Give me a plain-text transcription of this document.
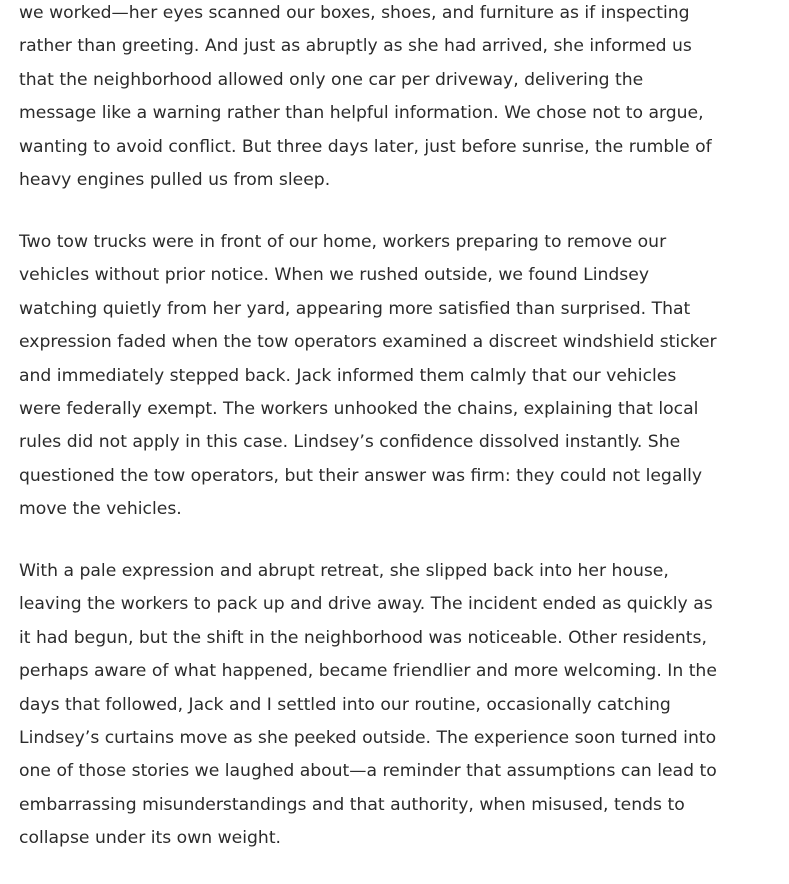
we worked—her eyes scanned our boxes, shoes, and furniture as if inspecting
rather than greeting. And just as abruptly as she had arrived, she informed us
that the neighborhood allowed only one car per driveway, delivering the
message like a warning rather than helpful information. We chose not to argue,
wanting to avoid conflict. But three days later, just before sunrise, the rumble of
heavy engines pulled us from sleep.

Two tow trucks were in front of our home, workers preparing to remove our
vehicles without prior notice. When we rushed outside, we found Lindsey
watching quietly from her yard, appearing more satisfied than surprised. That
expression faded when the tow operators examined a discreet windshield sticker
and immediately stepped back. Jack informed them calmly that our vehicles
were federally exempt. The workers unhooked the chains, explaining that local
rules did not apply in this case. Lindsey’s confidence dissolved instantly. She
questioned the tow operators, but their answer was firm: they could not legally
move the vehicles.

With a pale expression and abrupt retreat, she slipped back into her house,
leaving the workers to pack up and drive away. The incident ended as quickly as
it had begun, but the shift in the neighborhood was noticeable. Other residents,
perhaps aware of what happened, became friendlier and more welcoming. In the
days that followed, Jack and I settled into our routine, occasionally catching
Lindsey’s curtains move as she peeked outside. The experience soon turned into
one of those stories we laughed about—a reminder that assumptions can lead to
embarrassing misunderstandings and that authority, when misused, tends to
collapse under its own weight.
